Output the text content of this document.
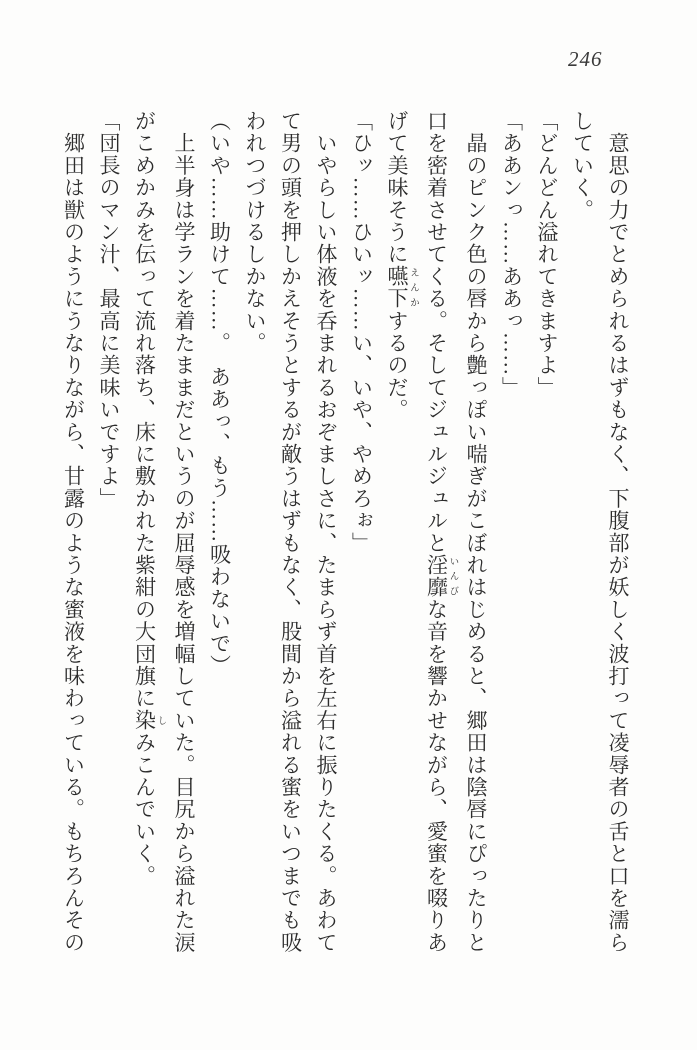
246
　意思の力でとめられるはずもなく、下腹部が妖しく波打って凌辱者の舌と口を濡ら
していく。
「どんどん溢れてきますよ」
「ああンっ……ああっ……」
　晶のピンク色の唇から艶っぽい喘ぎがこぼれはじめると、郷田は陰唇にぴったりと
口を密着させてくる。そしてジュルジュルと淫靡 いんびな音を響かせながら、愛蜜を啜りあ
げて美味そうに嚥下 えんかするのだ。
「ひッ……ひいッ……い、いや、やめろぉ」
　いやらしい体液を呑まれるおぞましさに、たまらず首を左右に振りたくる。あわて
て男の頭を押しかえそうとするが敵うはずもなく、股間から溢れる蜜をいつまでも吸
われつづけるしかない。
（いや……助けて……。　ああっ、もう……吸わないで）
　上半身は学ランを着たままだというのが屈辱感を増幅していた。目尻から溢れた涙
がこめかみを伝って流れ落ち、床に敷かれた紫紺の大団旗に染 しみこんでいく。
「団長のマン汁、最高に美味いですよ」
　郷田は獣のようにうなりながら、甘露のような蜜液を味わっている。もちろんその
